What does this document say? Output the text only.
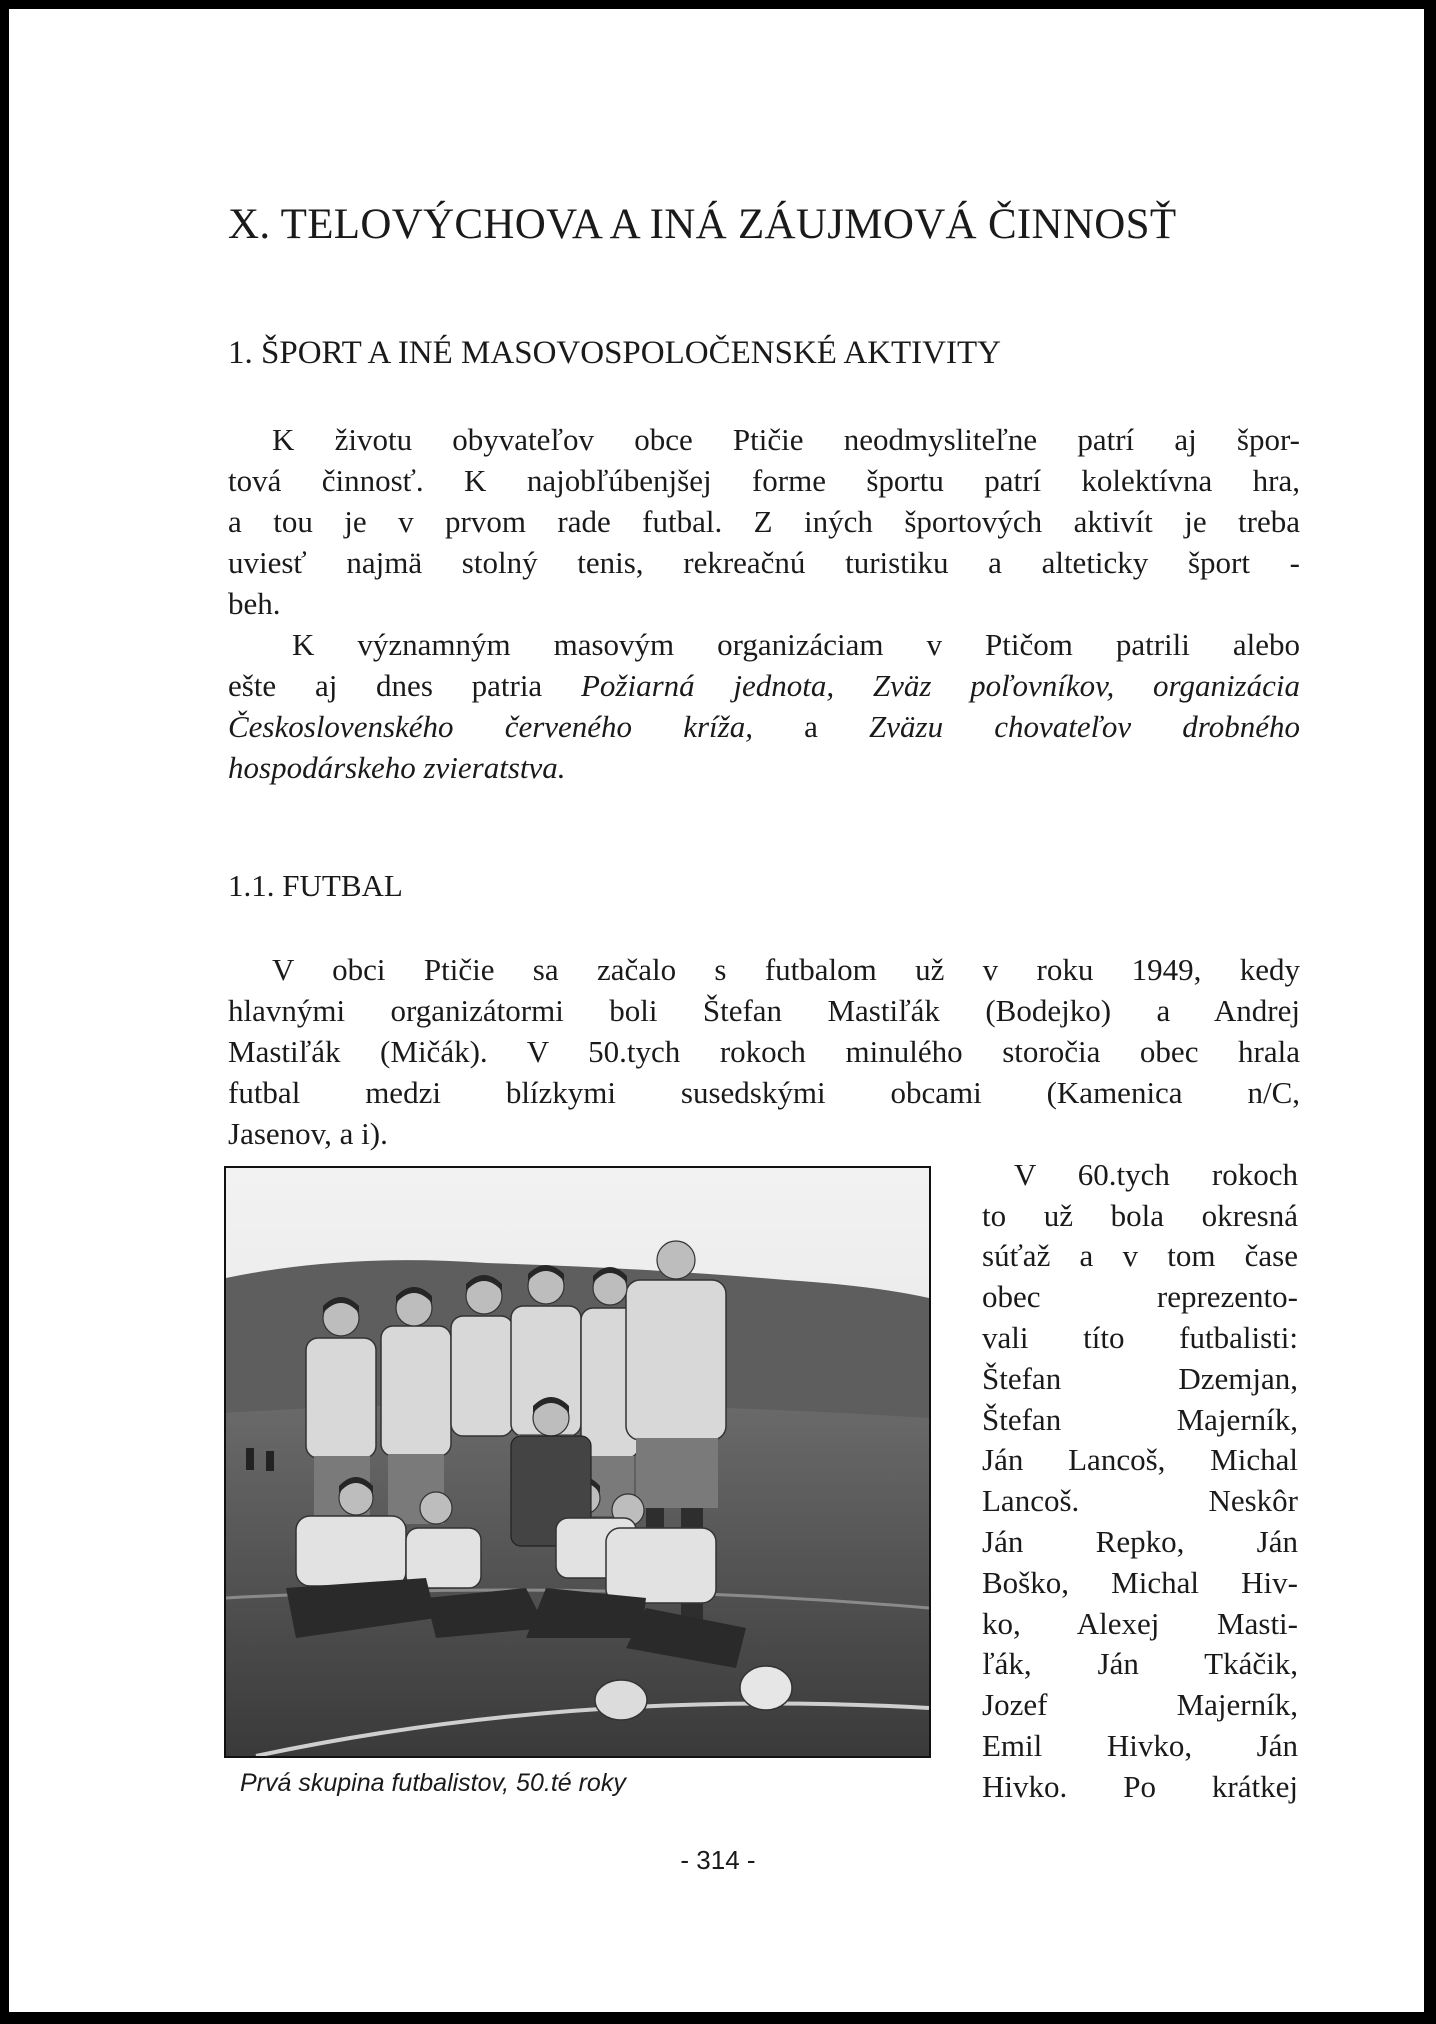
X. TELOVÝCHOVA A INÁ ZÁUJMOVÁ ČINNOSŤ
1. ŠPORT A INÉ MASOVOSPOLOČENSKÉ AKTIVITY
K životu obyvateľov obce Ptičie neodmysliteľne patrí aj špor-
tová činnosť. K najobľúbenjšej forme športu patrí kolektívna hra,
a tou je v prvom rade futbal. Z iných športových aktivít je treba
uviesť najmä stolný tenis, rekreačnú turistiku a alteticky šport -
beh.
K významným masovým organizáciam v Ptičom patrili alebo
ešte aj dnes patria Požiarná jednota, Zväz poľovníkov, organizácia
Československého červeného kríža, a Zväzu chovateľov drobného
hospodárskeho zvieratstva.
1.1. FUTBAL
V obci Ptičie sa začalo s futbalom už v roku 1949, kedy
hlavnými organizátormi boli Štefan Mastiľák (Bodejko) a Andrej
Mastiľák (Mičák). V 50.tych rokoch minulého storočia obec hrala
futbal medzi blízkymi susedskými obcami (Kamenica n/C,
Jasenov, a i).
Prvá skupina futbalistov, 50.té roky
V 60.tych rokoch
to už bola okresná
súťaž a v tom čase
obec reprezento-
vali títo futbalisti:
Štefan Dzemjan,
Štefan Majerník,
Ján Lancoš, Michal
Lancoš. Neskôr
Ján Repko, Ján
Boško, Michal Hiv-
ko, Alexej Masti-
ľák, Ján Tkáčik,
Jozef Majerník,
Emil Hivko, Ján
Hivko. Po krátkej
- 314 -
